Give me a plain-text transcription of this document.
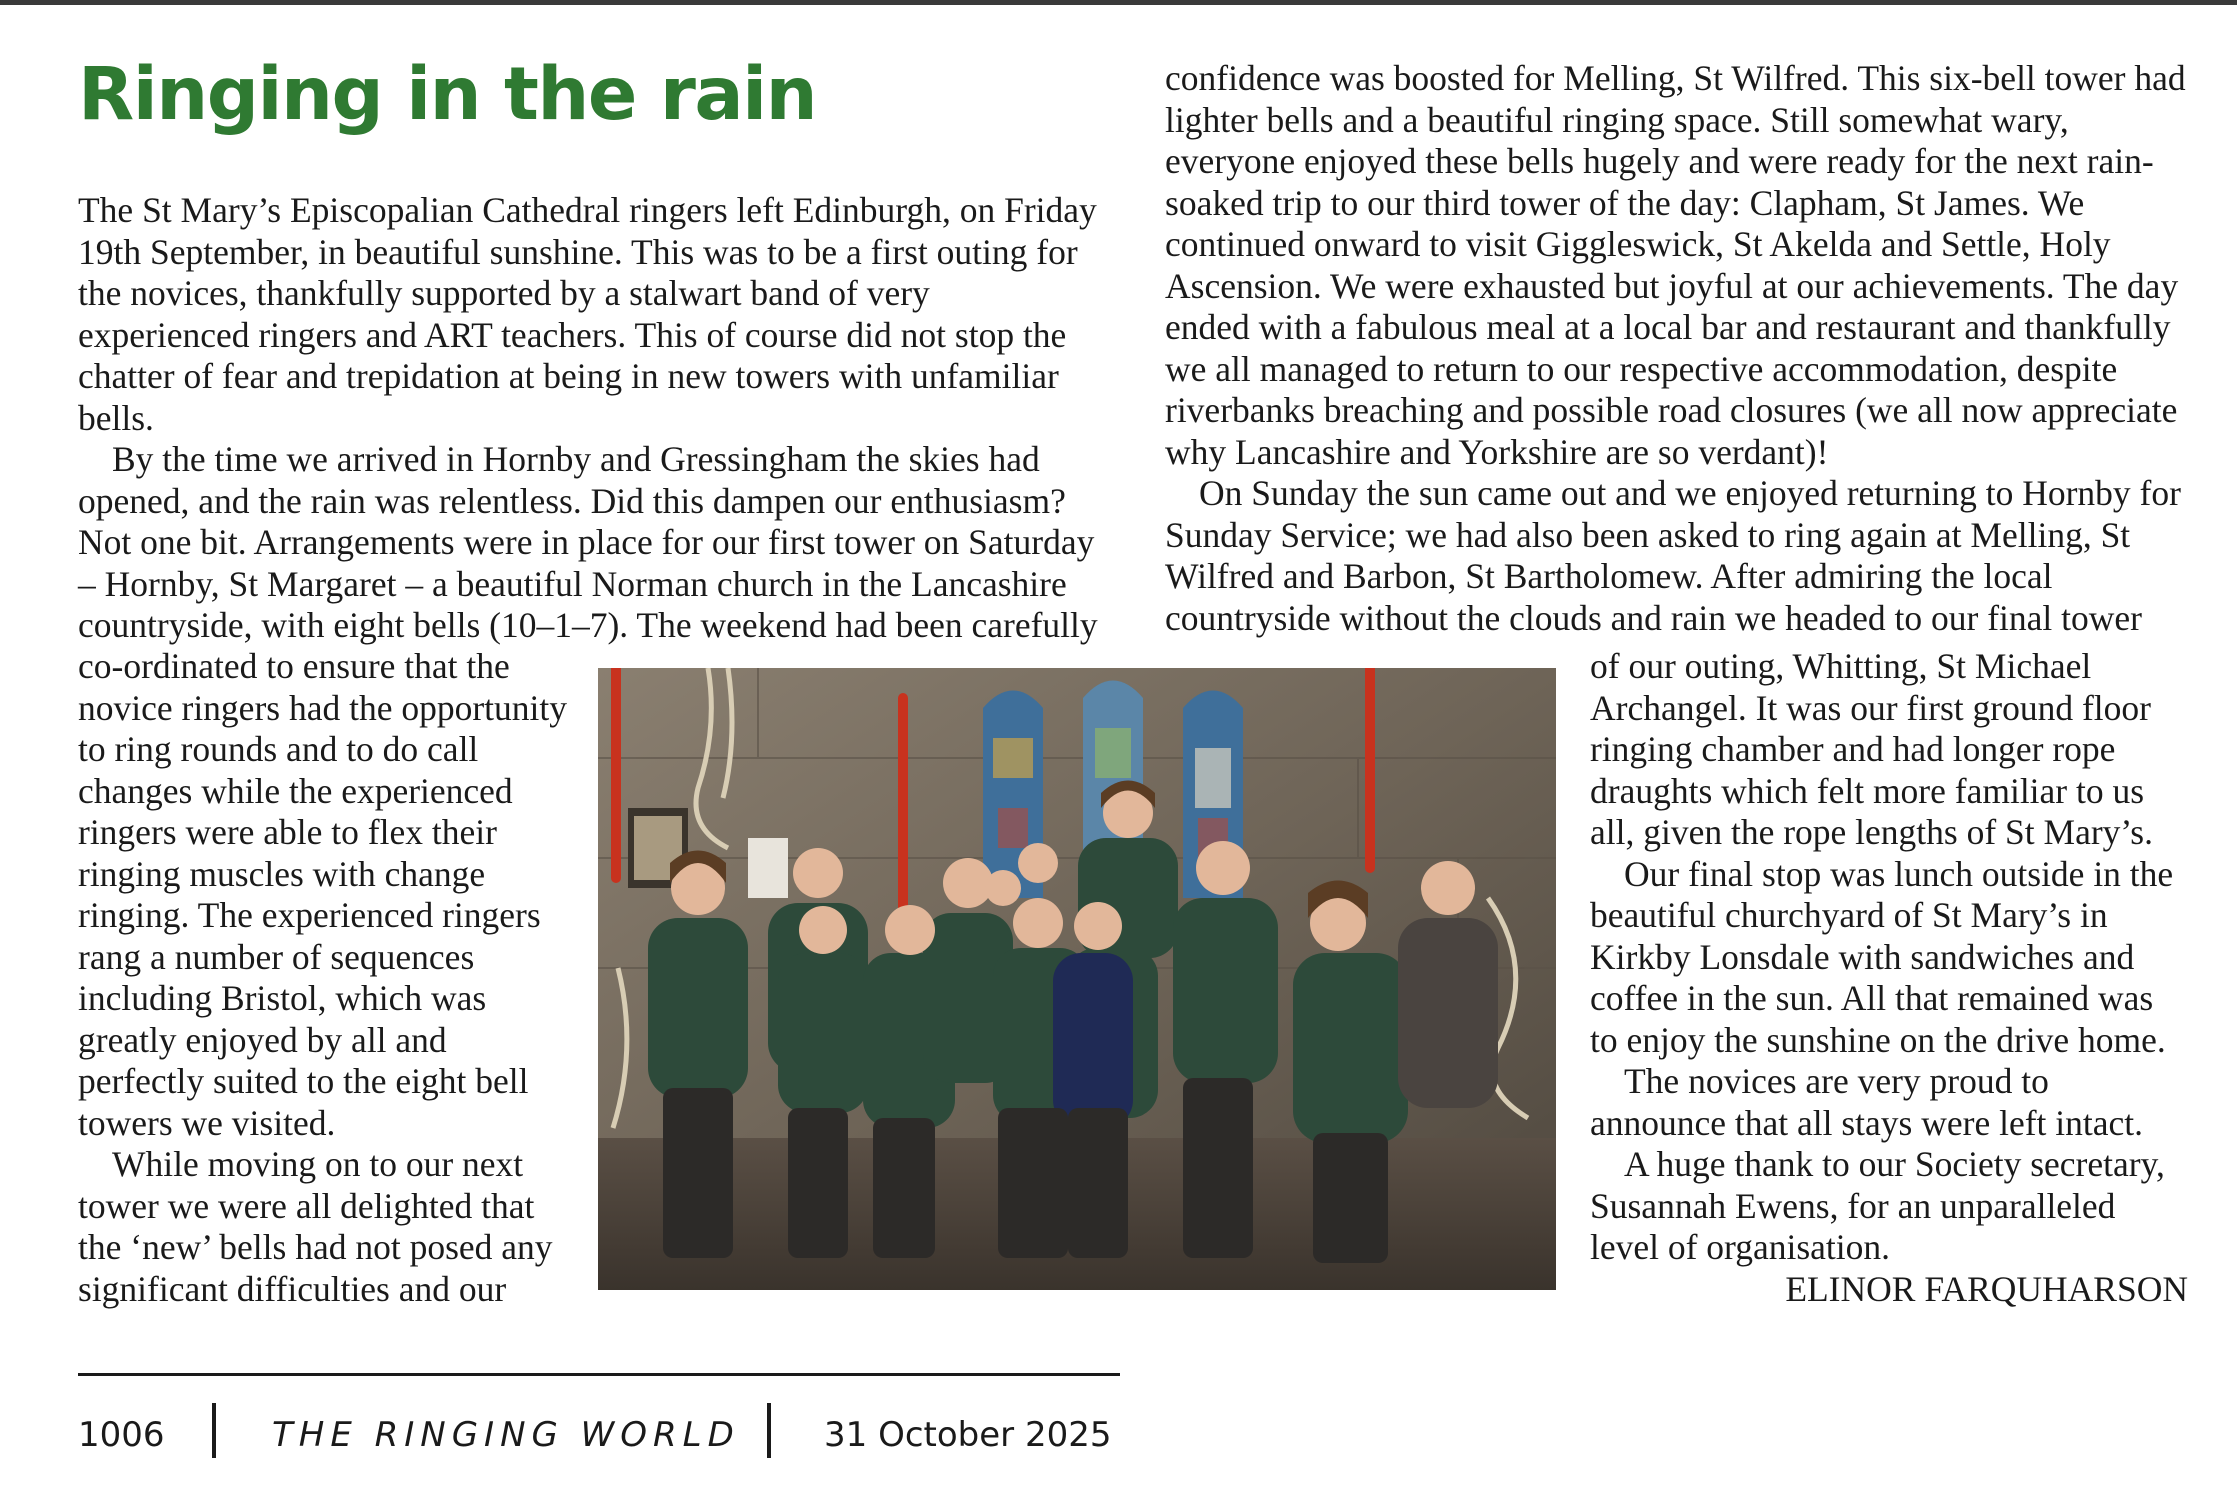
Ringing in the rain

The St Mary’s Episcopalian Cathedral ringers left Edinburgh, on Friday 19th September, in beautiful sunshine. This was to be a first outing for the novices, thankfully supported by a stalwart band of very experienced ringers and ART teachers. This of course did not stop the chatter of fear and trepidation at being in new towers with unfamiliar bells.

By the time we arrived in Hornby and Gressingham the skies had opened, and the rain was relentless. Did this dampen our enthusiasm? Not one bit. Arrangements were in place for our first tower on Saturday – Hornby, St Margaret – a beautiful Norman church in the Lancashire countryside, with eight bells (10–1–7). The weekend had been carefully

co-ordinated to ensure that the novice ringers had the opportunity to ring rounds and to do call changes while the experienced ringers were able to flex their ringing muscles with change ringing. The experienced ringers rang a number of sequences including Bristol, which was greatly enjoyed by all and perfectly suited to the eight bell towers we visited.

While moving on to our next tower we were all delighted that the ‘new’ bells had not posed any significant difficulties and our

confidence was boosted for Melling, St Wilfred. This six-bell tower had lighter bells and a beautiful ringing space. Still somewhat wary, everyone enjoyed these bells hugely and were ready for the next rain-soaked trip to our third tower of the day: Clapham, St James. We continued onward to visit Giggleswick, St Akelda and Settle, Holy Ascension. We were exhausted but joyful at our achievements. The day ended with a fabulous meal at a local bar and restaurant and thankfully we all managed to return to our respective accommodation, despite riverbanks breaching and possible road closures (we all now appreciate why Lancashire and Yorkshire are so verdant)!

On Sunday the sun came out and we enjoyed returning to Hornby for Sunday Service; we had also been asked to ring again at Melling, St Wilfred and Barbon, St Bartholomew. After admiring the local countryside without the clouds and rain we headed to our final tower

of our outing, Whitting, St Michael Archangel. It was our first ground floor ringing chamber and had longer rope draughts which felt more familiar to us all, given the rope lengths of St Mary’s.

Our final stop was lunch outside in the beautiful churchyard of St Mary’s in Kirkby Lonsdale with sandwiches and coffee in the sun. All that remained was to enjoy the sunshine on the drive home.

The novices are very proud to announce that all stays were left intact.

A huge thank to our Society secretary, Susannah Ewens, for an unparalleled level of organisation.

ELINOR FARQUHARSON

1006	THE RINGING WORLD 31 October 2025
